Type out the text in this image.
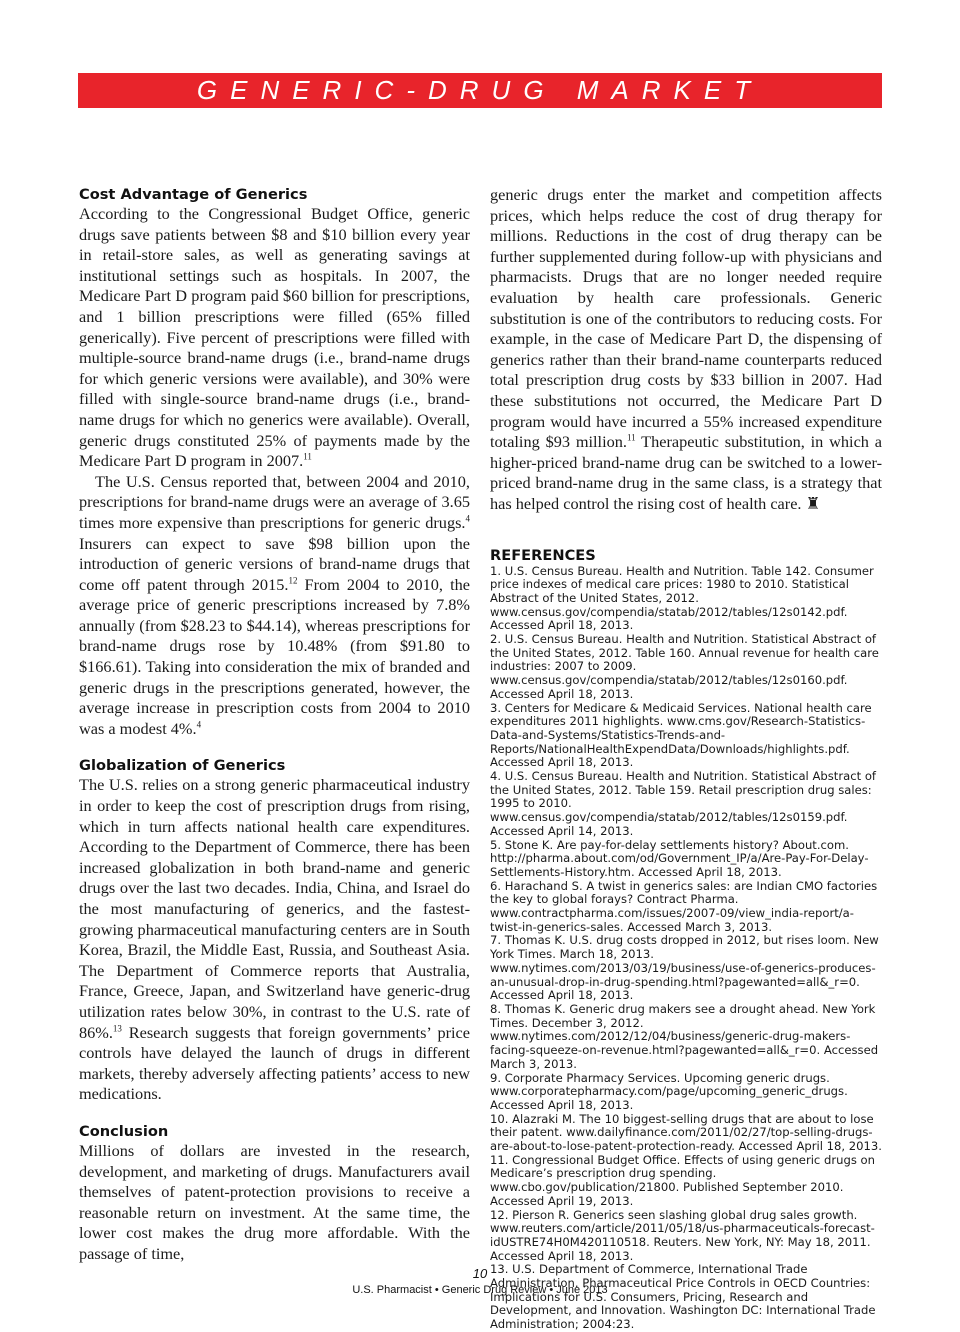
GENERIC-DRUG MARKET

Cost Advantage of Generics

According to the Congressional Budget Office, generic drugs save patients between $8 and $10 billion every year in retail-store sales, as well as generating savings at institutional settings such as hospitals. In 2007, the Medicare Part D program paid $60 billion for prescriptions, and 1 billion prescriptions were filled (65% filled generically). Five percent of prescriptions were filled with multiple-source brand-name drugs (i.e., brand-name drugs for which generic versions were available), and 30% were filled with single-source brand-name drugs (i.e., brand-name drugs for which no generics were available). Overall, generic drugs constituted 25% of payments made by the Medicare Part D program in 2007.11

The U.S. Census reported that, between 2004 and 2010, prescriptions for brand-name drugs were an average of 3.65 times more expensive than prescriptions for generic drugs.$^4$ Insurers can expect to save $98 billion upon the introduction of generic versions of brand-name drugs that come off patent through 2015.12 From 2004 to 2010, the average price of generic prescriptions increased by 7.8% annually (from $28.23 to $44.14), whereas prescriptions for brand-name drugs rose by 10.48% (from $91.80 to $166.61). Taking into consideration the mix of branded and generic drugs in the prescriptions generated, however, the average increase in prescription costs from 2004 to 2010 was a modest 4%.$^4$

Globalization of Generics

The U.S. relies on a strong generic pharmaceutical industry in order to keep the cost of prescription drugs from rising, which in turn affects national health care expenditures. According to the Department of Commerce, there has been increased globalization in both brand-name and generic drugs over the last two decades. India, China, and Israel do the most manufacturing of generics, and the fastest-growing pharmaceutical manufacturing centers are in South Korea, Brazil, the Middle East, Russia, and Southeast Asia. The Department of Commerce reports that Australia, France, Greece, Japan, and Switzerland have generic-drug utilization rates below 30%, in contrast to the U.S. rate of 86%.$^{13}$ Research suggests that foreign governments’ price controls have delayed the launch of drugs in different markets, thereby adversely affecting patients’ access to new medications.

Conclusion

Millions of dollars are invested in the research, development, and marketing of drugs. Manufacturers avail themselves of patent-protection provisions to receive a reasonable return on investment. At the same time, the lower cost makes the drug more affordable. With the passage of time,

generic drugs enter the market and competition affects prices, which helps reduce the cost of drug therapy for millions. Reductions in the cost of drug therapy can be further supplemented during follow-up with physicians and pharmacists. Drugs that are no longer needed require evaluation by health care professionals. Generic substitution is one of the contributors to reducing costs. For example, in the case of Medicare Part D, the dispensing of generics rather than their brand-name counterparts reduced total prescription drug costs by $33 billion in 2007. Had these substitutions not occurred, the Medicare Part D program would have incurred a 55% increased expenditure totaling $93 million.$^{11}$ Therapeutic substitution, in which a higher-priced brand-name drug can be switched to a lower-priced brand-name drug in the same class, is a strategy that has helped control the rising cost of health care. ♜

REFERENCES

1. U.S. Census Bureau. Health and Nutrition. Table 142. Consumer price indexes of medical care prices: 1980 to 2010. Statistical Abstract of the United States, 2012. www.census.gov/compendia/statab/2012/tables/12s0142.pdf. Accessed April 18, 2013.
2. U.S. Census Bureau. Health and Nutrition. Statistical Abstract of the United States, 2012. Table 160. Annual revenue for health care industries: 2007 to 2009. www.census.gov/compendia/statab/2012/tables/12s0160.pdf. Accessed April 18, 2013.
3. Centers for Medicare & Medicaid Services. National health care expenditures 2011 highlights. www.cms.gov/Research-Statistics-Data-and-Systems/Statistics-Trends-and-Reports/NationalHealthExpendData/Downloads/highlights.pdf. Accessed April 18, 2013.
4. U.S. Census Bureau. Health and Nutrition. Statistical Abstract of the United States, 2012. Table 159. Retail prescription drug sales: 1995 to 2010. www.census.gov/compendia/statab/2012/tables/12s0159.pdf. Accessed April 14, 2013.
5. Stone K. Are pay-for-delay settlements history? About.com. http://pharma.about.com/od/Government_IP/a/Are-Pay-For-Delay-Settlements-History.htm. Accessed April 18, 2013.
6. Harachand S. A twist in generics sales: are Indian CMO factories the key to global forays? Contract Pharma. www.contractpharma.com/issues/2007-09/view_india-report/a-twist-in-generics-sales. Accessed March 3, 2013.
7. Thomas K. U.S. drug costs dropped in 2012, but rises loom. New York Times. March 18, 2013. www.nytimes.com/2013/03/19/business/use-of-generics-produces-an-unusual-drop-in-drug-spending.html?pagewanted=all&_r=0. Accessed April 18, 2013.
8. Thomas K. Generic drug makers see a drought ahead. New York Times. December 3, 2012. www.nytimes.com/2012/12/04/business/generic-drug-makers-facing-squeeze-on-revenue.html?pagewanted=all&_r=0. Accessed March 3, 2013.
9. Corporate Pharmacy Services. Upcoming generic drugs. www.corporatepharmacy.com/page/upcoming_generic_drugs. Accessed April 18, 2013.
10. Alazraki M. The 10 biggest-selling drugs that are about to lose their patent. www.dailyfinance.com/2011/02/27/top-selling-drugs-are-about-to-lose-patent-protection-ready. Accessed April 18, 2013.
11. Congressional Budget Office. Effects of using generic drugs on Medicare’s prescription drug spending. www.cbo.gov/publication/21800. Published September 2010. Accessed April 19, 2013.
12. Pierson R. Generics seen slashing global drug sales growth. www.reuters.com/article/2011/05/18/us-pharmaceuticals-forecast-idUSTRE74H0M420110518. Reuters. New York, NY: May 18, 2011. Accessed April 18, 2013.
13. U.S. Department of Commerce, International Trade Administration. Pharmaceutical Price Controls in OECD Countries: Implications for U.S. Consumers, Pricing, Research and Development, and Innovation. Washington DC: International Trade Administration; 2004:23.
10
U.S. Pharmacist • Generic Drug Review • June 2013
